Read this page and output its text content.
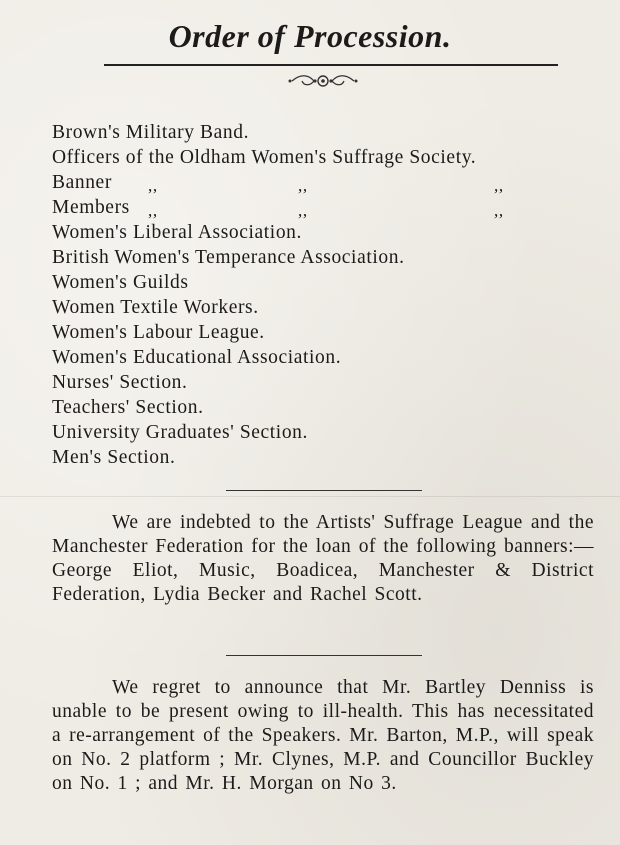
Order of Procession.
Brown's Military Band.
Officers of the Oldham Women's Suffrage Society.
Banner ,,	,,	,,
Members ,,	,,	,,
Women's Liberal Association.
British Women's Temperance Association.
Women's Guilds
Women Textile Workers.
Women's Labour League.
Women's Educational Association.
Nurses' Section.
Teachers' Section.
University Graduates' Section.
Men's Section.

We are indebted to the Artists' Suffrage League and the Manchester Federation for the loan of the following banners:—George Eliot, Music, Boadicea, Manchester & District Federation, Lydia Becker and Rachel Scott.

We regret to announce that Mr. Bartley Denniss is unable to be present owing to ill-health. This has necessitated a re-arrangement of the Speakers. Mr. Barton, M.P., will speak on No. 2 platform ; Mr. Clynes, M.P. and Councillor Buckley on No. 1 ; and Mr. H. Morgan on No 3.
